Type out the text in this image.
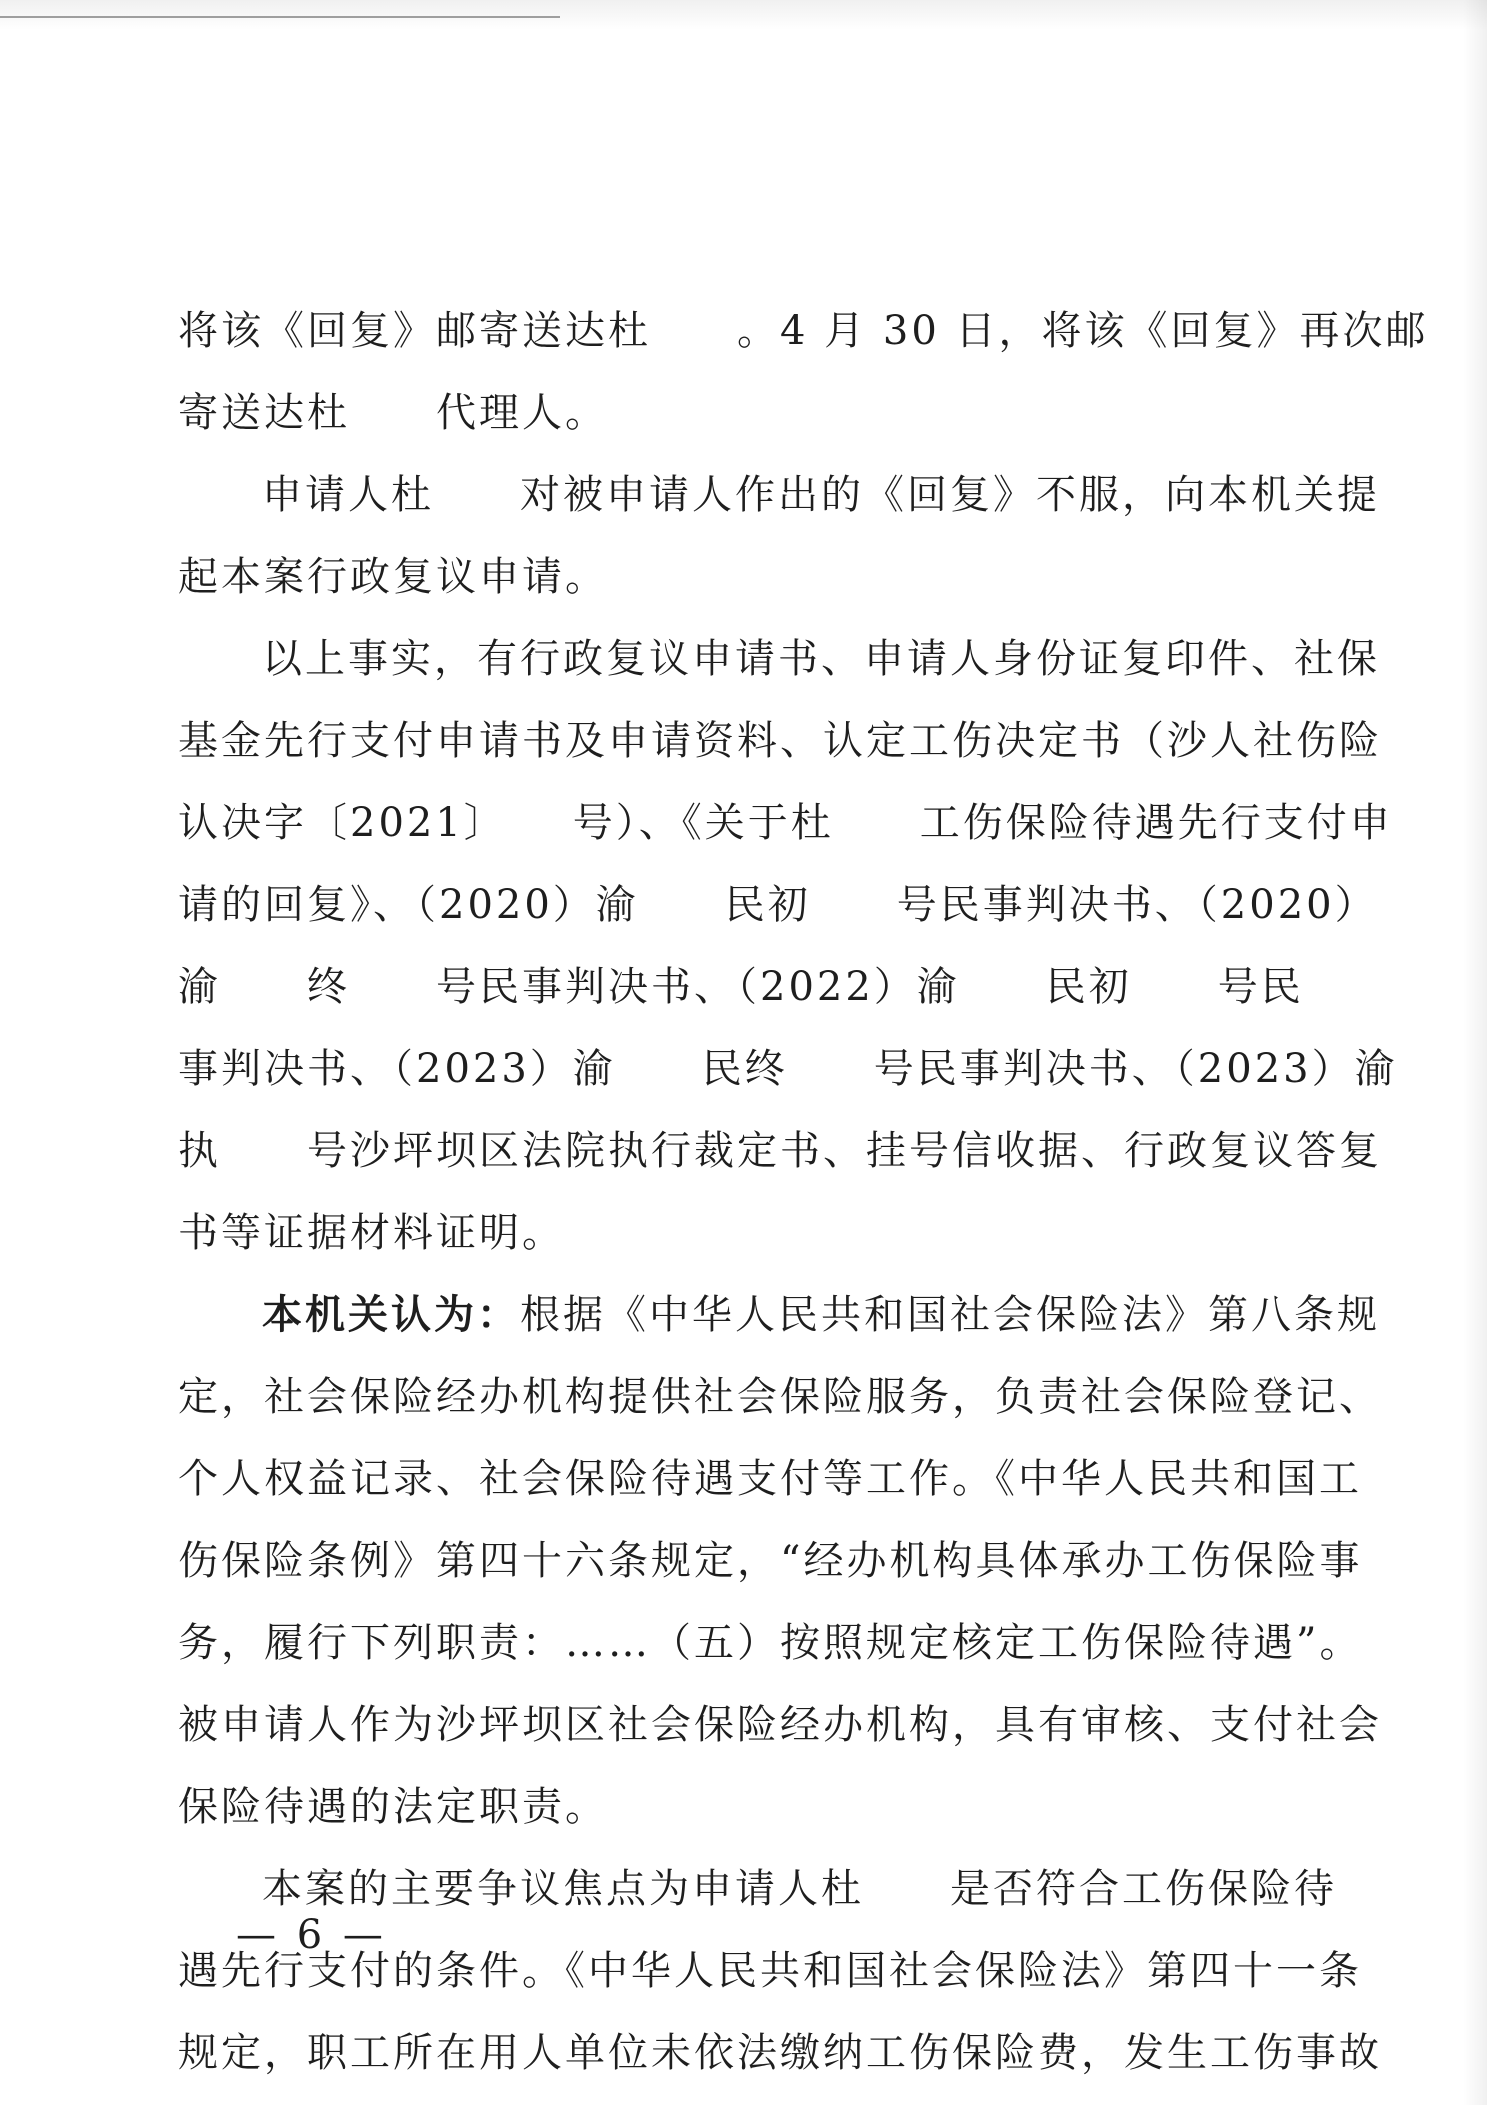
将该《回复》邮寄送达杜　　。4 月 30 日，将该《回复》再次邮
寄送达杜　　代理人。
申请人杜　　对被申请人作出的《回复》不服，向本机关提
起本案行政复议申请。
以上事实，有行政复议申请书、申请人身份证复印件、社保
基金先行支付申请书及申请资料、认定工伤决定书（沙人社伤险
认决字〔2021〕　　号）、《关于杜　　工伤保险待遇先行支付申
请的回复》、（2020）渝　　民初　　号民事判决书、（2020）
渝　　终　　号民事判决书、（2022）渝　　民初　　号民
事判决书、（2023）渝　　民终　　号民事判决书、（2023）渝
执　　号沙坪坝区法院执行裁定书、挂号信收据、行政复议答复
书等证据材料证明。
本机关认为：根据《中华人民共和国社会保险法》第八条规
定，社会保险经办机构提供社会保险服务，负责社会保险登记、
个人权益记录、社会保险待遇支付等工作。《中华人民共和国工
伤保险条例》第四十六条规定，“经办机构具体承办工伤保险事
务，履行下列职责：……（五）按照规定核定工伤保险待遇”。
被申请人作为沙坪坝区社会保险经办机构，具有审核、支付社会
保险待遇的法定职责。
本案的主要争议焦点为申请人杜　　是否符合工伤保险待
遇先行支付的条件。《中华人民共和国社会保险法》第四十一条
规定，职工所在用人单位未依法缴纳工伤保险费，发生工伤事故
— 6 —
